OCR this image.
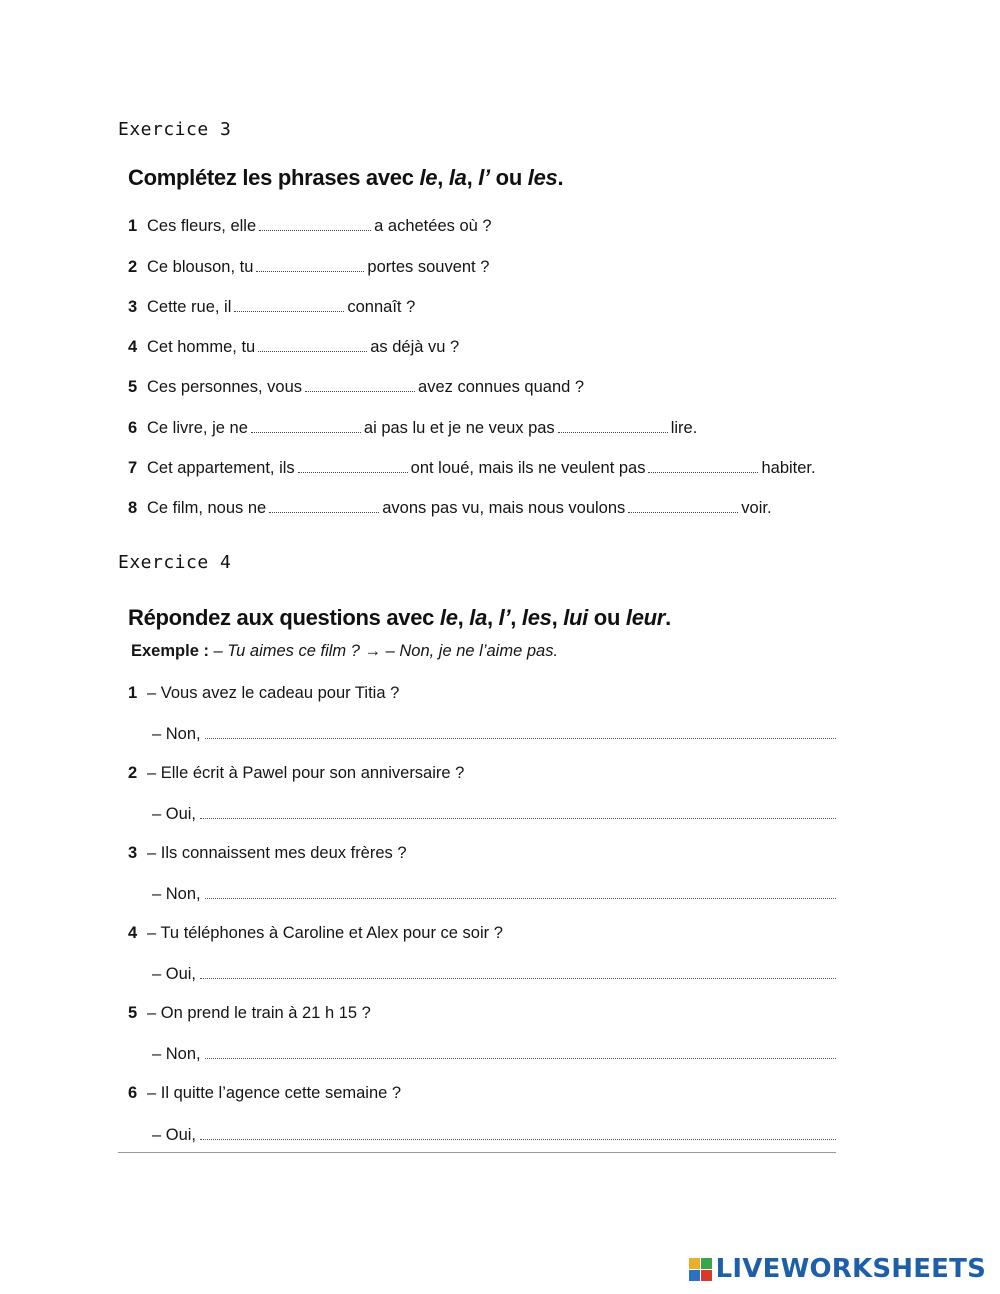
Exercice 3
Complétez les phrases avec le, la, l’ ou les.
1 Ces fleurs, elle	a achetées où ?
2 Ce blouson, tu	portes souvent ?
3 Cette rue, il	connaît ?
4 Cet homme, tu	as déjà vu ?
5 Ces personnes, vous	avez connues quand ?
6 Ce livre, je ne	ai pas lu et je ne veux pas	lire.
7 Cet appartement, ils	ont loué, mais ils ne veulent pas	habiter.
8 Ce film, nous ne	avons pas vu, mais nous voulons	voir.
Exercice 4
Répondez aux questions avec le, la, l’, les, lui ou leur.
Exemple : – Tu aimes ce film ? → – Non, je ne l’aime pas.
1 – Vous avez le cadeau pour Titia ?
– Non,
2 – Elle écrit à Pawel pour son anniversaire ?
– Oui,
3 – Ils connaissent mes deux frères ?
– Non,
4 – Tu téléphones à Caroline et Alex pour ce soir ?
– Oui,
5 – On prend le train à 21 h 15 ?
– Non,
6 – Il quitte l’agence cette semaine ?
– Oui,
LIVEWORKSHEETS
